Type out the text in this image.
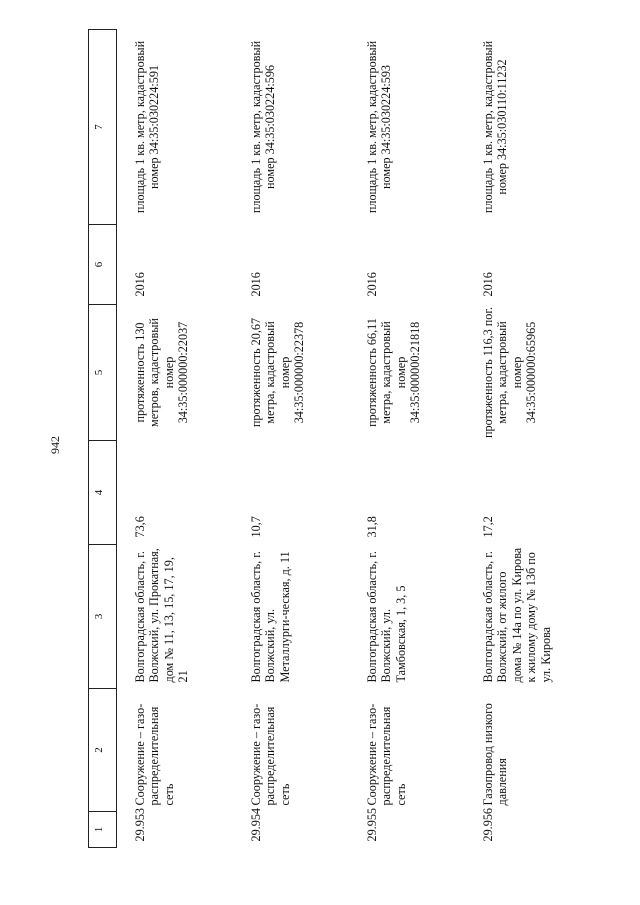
942
1	2	3	4	5	6	7
29.953	Сооружение – газо-распределительная сеть	Волгоградская область, г. Волжский, ул. Прокатная, дом № 11, 13, 15, 17, 19, 21	73,6	протяженность 130 метров, кадастровый номер 34:35:000000:22037	2016	площадь 1 кв. метр, кадастровый номер 34:35:030224:591

29.954	Сооружение – газо-распределительная сеть	Волгоградская область, г. Волжский, ул. Металлурги-ческая, д. 11	10,7	протяженность 20,67 метра, кадастровый номер 34:35:000000:22378	2016	площадь 1 кв. метр, кадастровый номер 34:35:030224:596

29.955	Сооружение – газо-распределительная сеть	Волгоградская область, г. Волжский, ул. Тамбовская, 1, 3, 5	31,8	протяженность 66,11 метра, кадастровый номер 34:35:000000:21818	2016	площадь 1 кв. метр, кадастровый номер 34:35:030224:593

29.956	Газопровод низкого давления	Волгоградская область, г. Волжский, от жилого дома № 14а по ул. Кирова к жилому дому № 13б по ул. Кирова	17,2	протяженность 116,3 пог. метра, кадастровый номер 34:35:000000:65965	2016	площадь 1 кв. метр, кадастровый номер 34:35:030110:11232
